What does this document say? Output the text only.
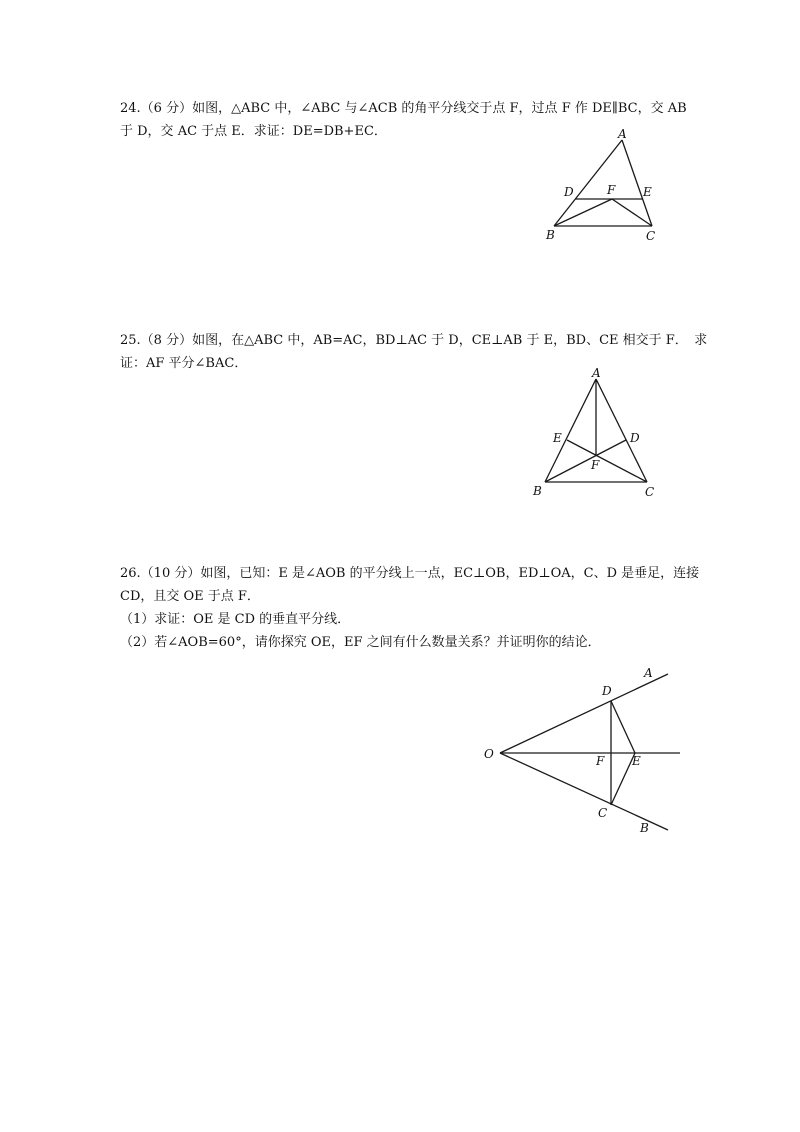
24.（6 分）如图，△ABC 中，∠ABC 与∠ACB 的角平分线交于点 F，过点 F 作 DE∥BC，交 AB

于 D，交 AC 于点 E．求证：DE=DB+EC．	A
B	C
D	E
F

25.（8 分）如图，在△ABC 中，AB=AC，BD⊥AC 于 D，CE⊥AB 于 E，BD、CE 相交于 F．　求

证：AF 平分∠BAC．

A
B	C
E	D
F

26.（10 分）如图，已知：E 是∠AOB 的平分线上一点，EC⊥OB，ED⊥OA，C、D 是垂足，连接

CD，且交 OE 于点 F．

（1）求证：OE 是 CD 的垂直平分线．

（2）若∠AOB=60°，请你探究 OE，EF 之间有什么数量关系？并证明你的结论．

O
A
B
D
C
F E
